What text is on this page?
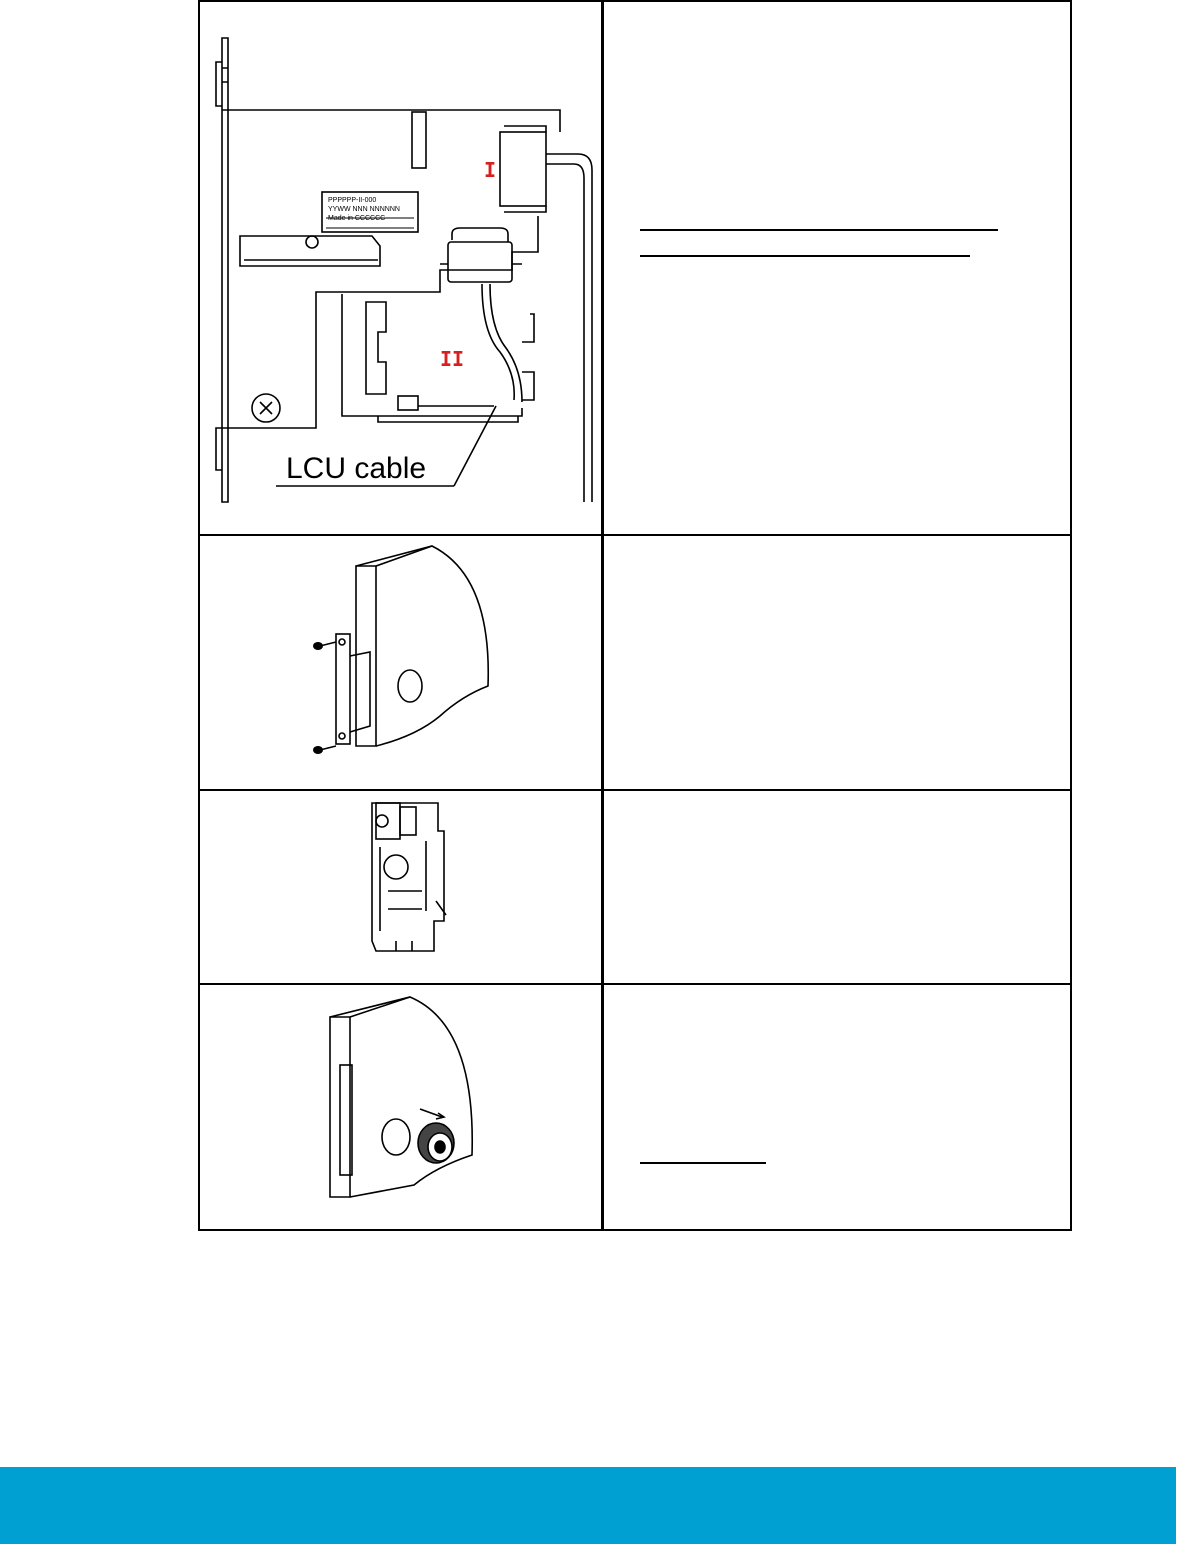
I
II
LCU cable
PPPPPP-II-000
YYWW NNN NNNNNN
Made in CCCCCC
